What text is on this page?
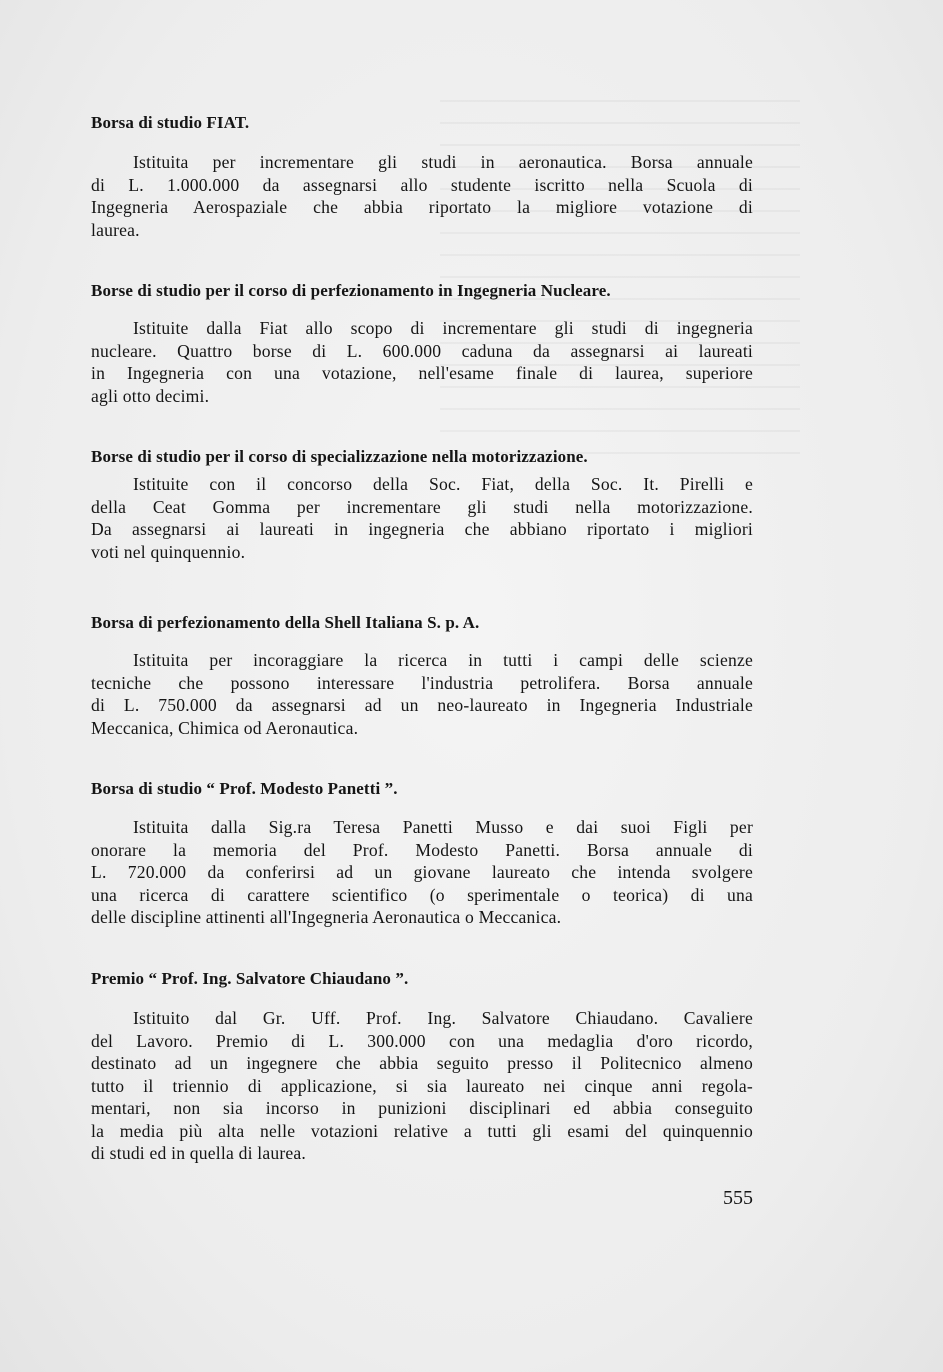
Borsa di studio FIAT.

Istituita per incrementare gli studi in aeronautica. Borsa annuale
di L. 1.000.000 da assegnarsi allo studente iscritto nella Scuola di
Ingegneria Aerospaziale che abbia riportato la migliore votazione di
laurea.

Borse di studio per il corso di perfezionamento in Ingegneria Nucleare.

Istituite dalla Fiat allo scopo di incrementare gli studi di ingegneria
nucleare. Quattro borse di L. 600.000 caduna da assegnarsi ai laureati
in Ingegneria con una votazione, nell'esame finale di laurea, superiore
agli otto decimi.

Borse di studio per il corso di specializzazione nella motorizzazione.

Istituite con il concorso della Soc. Fiat, della Soc. It. Pirelli e
della Ceat Gomma per incrementare gli studi nella motorizzazione.
Da assegnarsi ai laureati in ingegneria che abbiano riportato i migliori
voti nel quinquennio.

Borsa di perfezionamento della Shell Italiana S. p. A.

Istituita per incoraggiare la ricerca in tutti i campi delle scienze
tecniche che possono interessare l'industria petrolifera. Borsa annuale
di L. 750.000 da assegnarsi ad un neo-laureato in Ingegneria Industriale
Meccanica, Chimica od Aeronautica.

Borsa di studio “ Prof. Modesto Panetti ”.

Istituita dalla Sig.ra Teresa Panetti Musso e dai suoi Figli per
onorare la memoria del Prof. Modesto Panetti. Borsa annuale di
L. 720.000 da conferirsi ad un giovane laureato che intenda svolgere
una ricerca di carattere scientifico (o sperimentale o teorica) di una
delle discipline attinenti all'Ingegneria Aeronautica o Meccanica.

Premio “ Prof. Ing. Salvatore Chiaudano ”.

Istituito dal Gr. Uff. Prof. Ing. Salvatore Chiaudano. Cavaliere
del Lavoro. Premio di L. 300.000 con una medaglia d'oro ricordo,
destinato ad un ingegnere che abbia seguito presso il Politecnico almeno
tutto il triennio di applicazione, si sia laureato nei cinque anni regola-
mentari, non sia incorso in punizioni disciplinari ed abbia conseguito
la media più alta nelle votazioni relative a tutti gli esami del quinquennio
di studi ed in quella di laurea.

555
